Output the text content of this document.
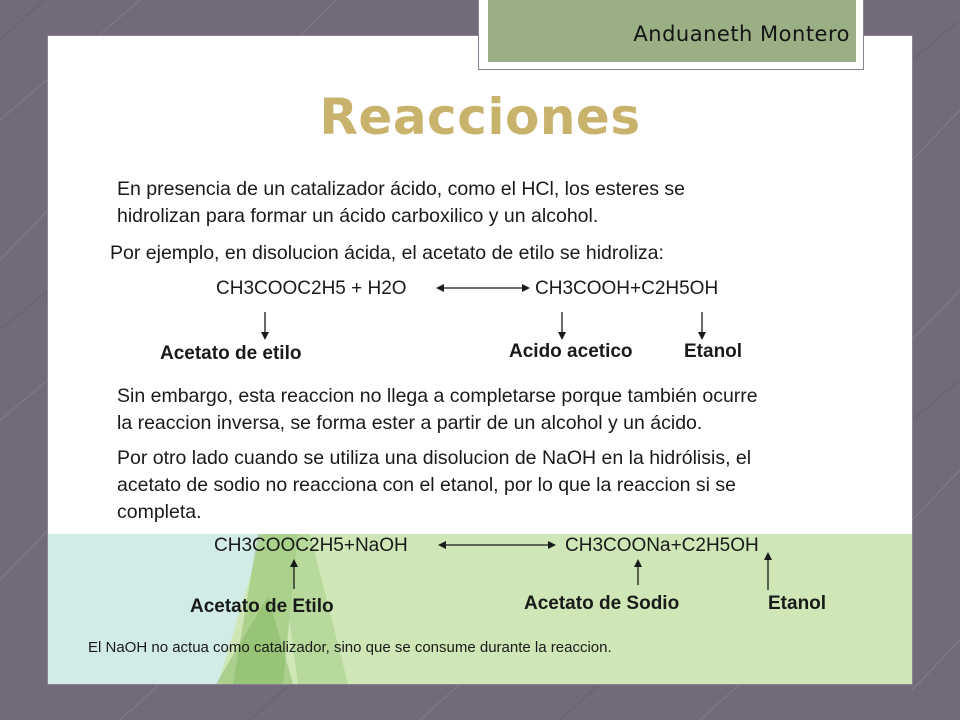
Anduaneth Montero
Reacciones
En presencia de un catalizador ácido, como el HCl, los esteres se
hidrolizan para formar un ácido carboxilico y un alcohol.
Por ejemplo, en disolucion ácida, el acetato de etilo se hidroliza:
CH3COOC2H5 + H2O	CH3COOH+C2H5OH
Acetato de etilo	Acido acetico	Etanol
Sin embargo, esta reaccion no llega a completarse porque también ocurre
la reaccion inversa, se forma ester a partir de un alcohol y un ácido.
Por otro lado cuando se utiliza una disolucion de NaOH en la hidrólisis, el
acetato de sodio no reacciona con el etanol, por lo que la reaccion si se
completa.
CH3COOC2H5+NaOH	CH3COONa+C2H5OH
Acetato de Etilo	Acetato de Sodio	Etanol
El NaOH no actua como catalizador, sino que se consume durante la reaccion.
